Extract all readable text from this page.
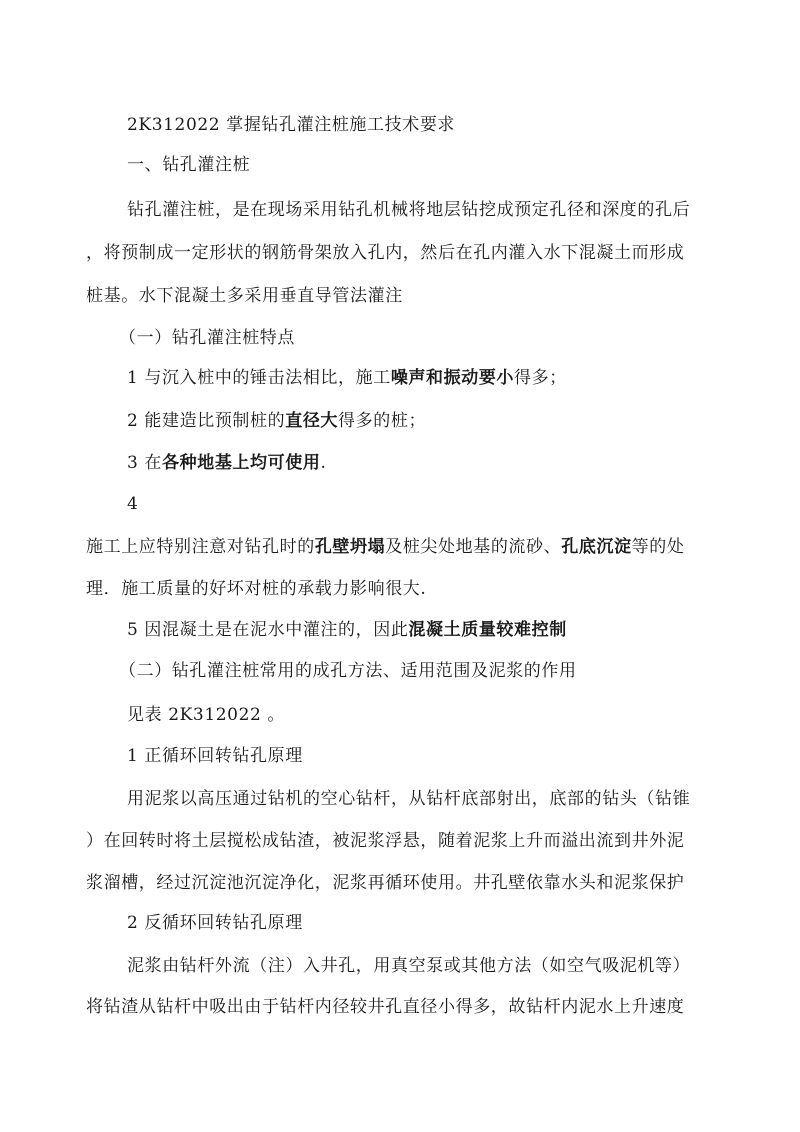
2K312022 掌握钻孔灌注桩施工技术要求
一、钻孔灌注桩
钻孔灌注桩，是在现场采用钻孔机械将地层钻挖成预定孔径和深度的孔后
，将预制成一定形状的钢筋骨架放入孔内，然后在孔内灌入水下混凝土而形成
桩基。水下混凝土多采用垂直导管法灌注
（一）钻孔灌注桩特点
1 与沉入桩中的锤击法相比，施工噪声和振动要小得多；
2 能建造比预制桩的直径大得多的桩；
3 在各种地基上均可使用.
4
施工上应特别注意对钻孔时的孔壁坍塌及桩尖处地基的流砂、孔底沉淀等的处
理．施工质量的好坏对桩的承载力影响很大.
5 因混凝土是在泥水中灌注的，因此混凝土质量较难控制
（二）钻孔灌注桩常用的成孔方法、适用范围及泥浆的作用
见表 2K312022 。
1 正循环回转钻孔原理
用泥浆以高压通过钻机的空心钻杆，从钻杆底部射出，底部的钻头（钻锥
）在回转时将土层搅松成钻渣，被泥浆浮悬，随着泥浆上升而溢出流到井外泥
浆溜槽，经过沉淀池沉淀净化，泥浆再循环使用。井孔壁依靠水头和泥浆保护
2 反循环回转钻孔原理
泥浆由钻杆外流（注）入井孔，用真空泵或其他方法（如空气吸泥机等）
将钻渣从钻杆中吸出由于钻杆内径较井孔直径小得多，故钻杆内泥水上升速度
